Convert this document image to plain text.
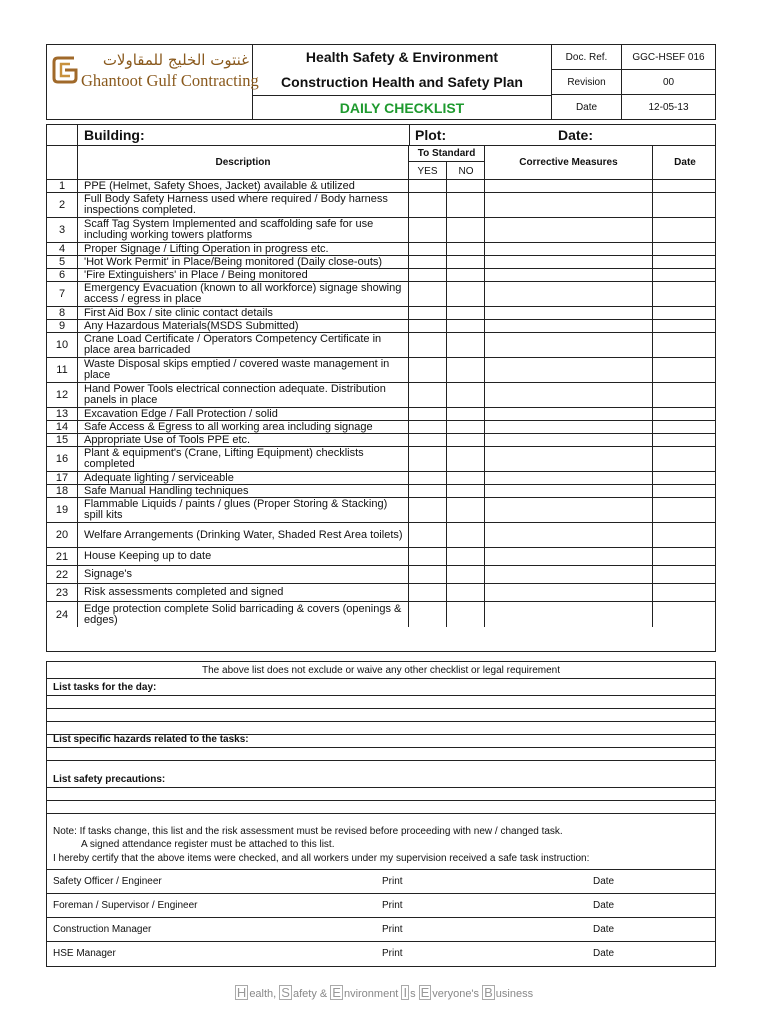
غنتوت الخليج للمقاولات
Ghantoot Gulf Contracting
Health Safety & Environment
Construction Health and Safety Plan
DAILY CHECKLIST
Doc. Ref.	GGC-HSEF 016
Revision	00
Date	12-05-13
Building:	Plot:	Date:
Description
To Standard
YES	NO
Corrective Measures	Date
1	PPE (Helmet, Safety Shoes, Jacket) available & utilized
2	Full Body Safety Harness used where required / Body harness inspections completed.
3	Scaff Tag System Implemented and scaffolding safe for use including working towers platforms
4	Proper Signage / Lifting Operation in progress etc.
5	'Hot Work Permit' in Place/Being monitored (Daily close-outs)
6	'Fire Extinguishers' in Place / Being monitored
7	Emergency Evacuation (known to all workforce) signage showing access / egress in place
8	First Aid Box / site clinic contact details
9	Any Hazardous Materials(MSDS Submitted)
10	Crane Load Certificate / Operators Competency Certificate in place area barricaded
11	Waste Disposal skips emptied / covered waste management in place
12	Hand Power Tools electrical connection adequate. Distribution panels in place
13	Excavation Edge / Fall Protection / solid
14	Safe Access & Egress to all working area including signage
15	Appropriate Use of Tools PPE etc.
16	Plant & equipment's (Crane, Lifting Equipment) checklists completed
17	Adequate lighting / serviceable
18	Safe Manual Handling techniques
19	Flammable Liquids / paints / glues (Proper Storing & Stacking) spill kits
20	Welfare Arrangements (Drinking Water, Shaded Rest Area toilets)
21	House Keeping up to date
22	Signage's
23	Risk assessments completed and signed
24	Edge protection complete Solid barricading & covers (openings & edges)
The above list does not exclude or waive any other checklist or legal requirement
List tasks for the day:
List specific hazards related to the tasks:
List safety precautions:
Note: If tasks change, this list and the risk assessment must be revised before proceeding with new / changed task.
A signed attendance register must be attached to this list.
I hereby certify that the above items were checked, and all workers under my supervision received a safe task instruction:
Safety Officer / Engineer	Print	Date
Foreman / Supervisor / Engineer	Print	Date
Construction Manager	Print	Date
HSE Manager	Print	Date
H ealth, S afety & E nvironment I s E veryone's B usiness
